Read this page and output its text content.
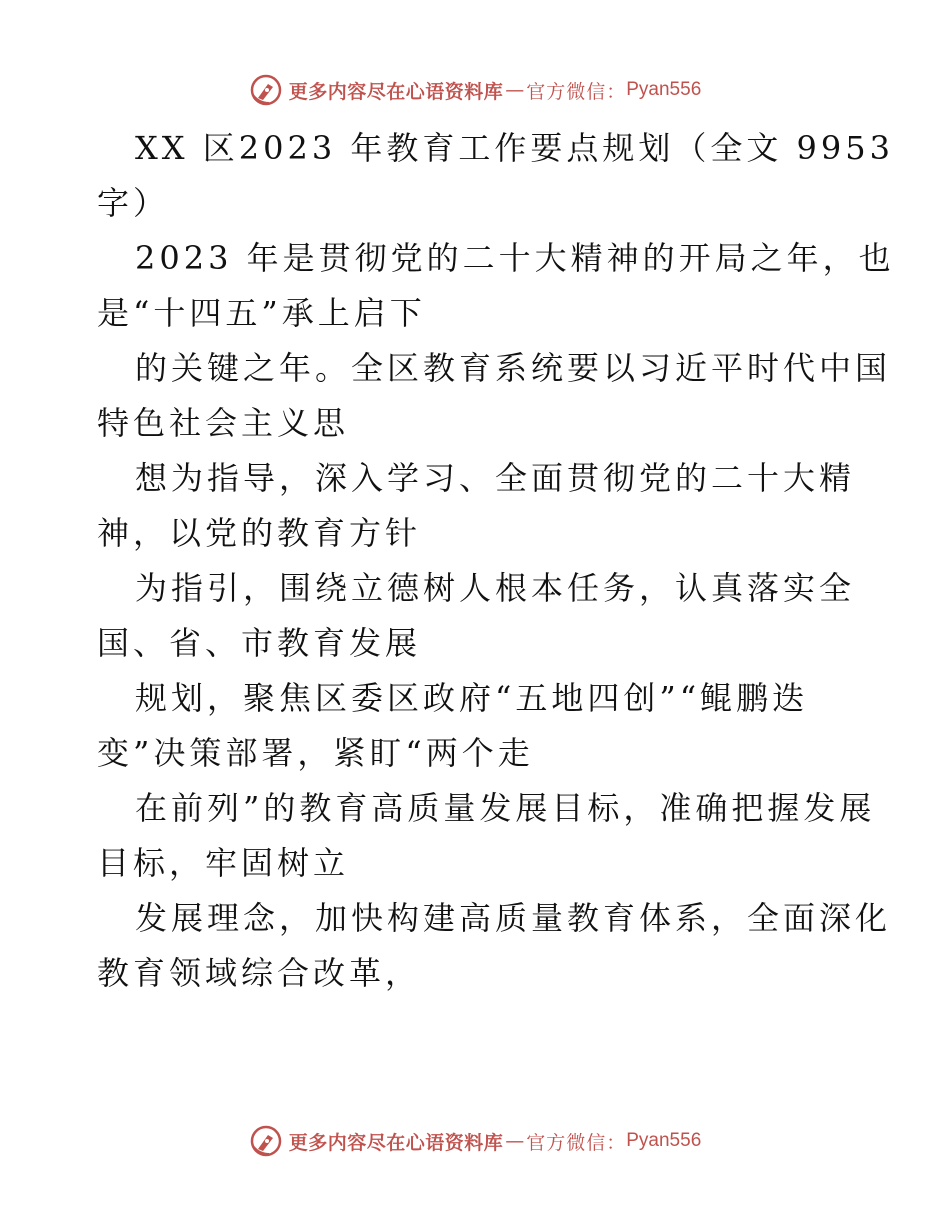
更多内容尽在心语资料库 — 官方微信： Pyan556

XX 区2023 年教育工作要点规划（全文 9953
字）

2023 年是贯彻党的二十大精神的开局之年，也
是“十四五”承上启下

的关键之年。全区教育系统要以习近平时代中国
特色社会主义思

想为指导，深入学习、全面贯彻党的二十大精
神，以党的教育方针

为指引，围绕立德树人根本任务，认真落实全
国、省、市教育发展

规划，聚焦区委区政府“五地四创”“鲲鹏迭
变”决策部署，紧盯“两个走

在前列”的教育高质量发展目标，准确把握发展
目标，牢固树立

发展理念，加快构建高质量教育体系，全面深化
教育领域综合改革，

更多内容尽在心语资料库 — 官方微信： Pyan556
